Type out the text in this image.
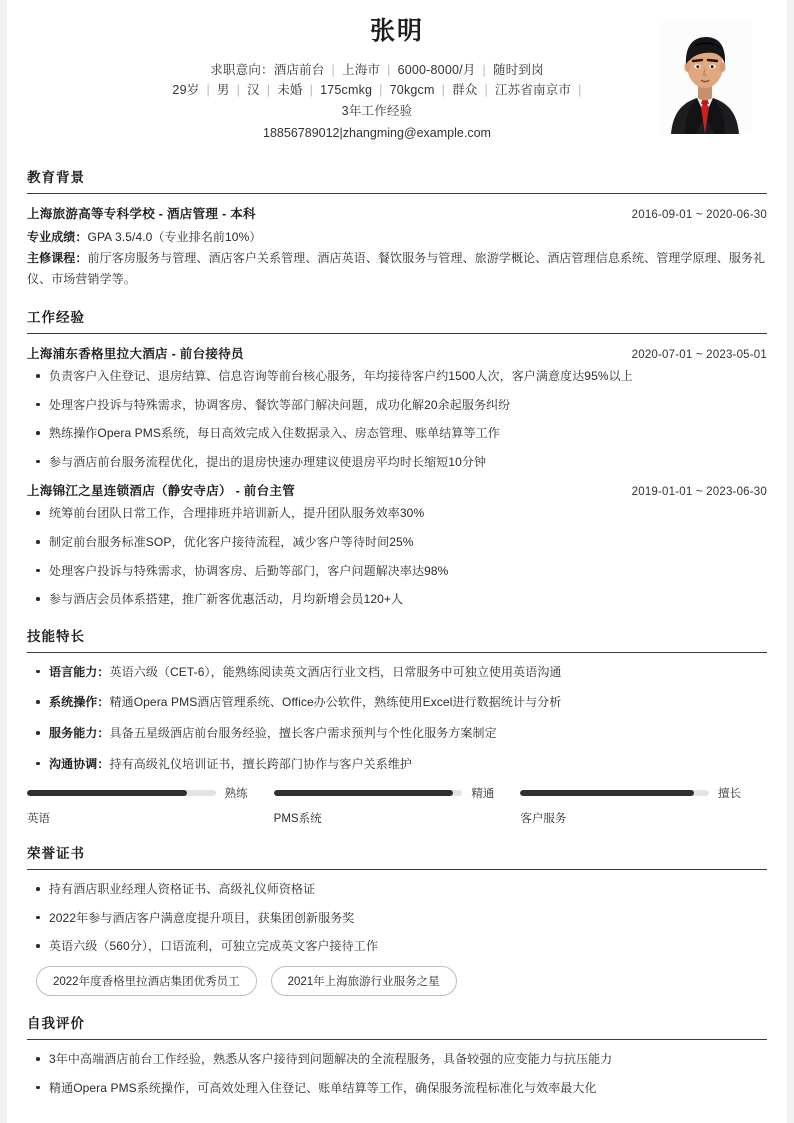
张明
求职意向：酒店前台 | 上海市 | 6000-8000/月 | 随时到岗
29岁 | 男 | 汉 | 未婚 | 175cmkg | 70kgcm | 群众 | 江苏省南京市 |
3年工作经验
18856789012|zhangming@example.com
教育背景
上海旅游高等专科学校 - 酒店管理 - 本科	2016-09-01 ~ 2020-06-30
专业成绩：GPA 3.5/4.0（专业排名前10%）
主修课程：前厅客房服务与管理、酒店客户关系管理、酒店英语、餐饮服务与管理、旅游学概论、酒店管理信息系统、管理学原理、服务礼仪、市场营销学等。
工作经验
上海浦东香格里拉大酒店 - 前台接待员	2020-07-01 ~ 2023-05-01
负责客户入住登记、退房结算、信息咨询等前台核心服务，年均接待客户约1500人次，客户满意度达95%以上
处理客户投诉与特殊需求，协调客房、餐饮等部门解决问题，成功化解20余起服务纠纷
熟练操作Opera PMS系统，每日高效完成入住数据录入、房态管理、账单结算等工作
参与酒店前台服务流程优化，提出的退房快速办理建议使退房平均时长缩短10分钟
上海锦江之星连锁酒店（静安寺店） - 前台主管	2019-01-01 ~ 2023-06-30
统筹前台团队日常工作，合理排班并培训新人，提升团队服务效率30%
制定前台服务标准SOP，优化客户接待流程，减少客户等待时间25%
处理客户投诉与特殊需求，协调客房、后勤等部门，客户问题解决率达98%
参与酒店会员体系搭建，推广新客优惠活动，月均新增会员120+人
技能特长
语言能力：英语六级（CET-6），能熟练阅读英文酒店行业文档，日常服务中可独立使用英语沟通
系统操作：精通Opera PMS酒店管理系统、Office办公软件，熟练使用Excel进行数据统计与分析
服务能力：具备五星级酒店前台服务经验，擅长客户需求预判与个性化服务方案制定
沟通协调：持有高级礼仪培训证书，擅长跨部门协作与客户关系维护
熟练
英语
精通
PMS系统
擅长
客户服务
荣誉证书
持有酒店职业经理人资格证书、高级礼仪师资格证
2022年参与酒店客户满意度提升项目，获集团创新服务奖
英语六级（560分），口语流利，可独立完成英文客户接待工作
2022年度香格里拉酒店集团优秀员工	2021年上海旅游行业服务之星
自我评价
3年中高端酒店前台工作经验，熟悉从客户接待到问题解决的全流程服务，具备较强的应变能力与抗压能力
精通Opera PMS系统操作，可高效处理入住登记、账单结算等工作，确保服务流程标准化与效率最大化
